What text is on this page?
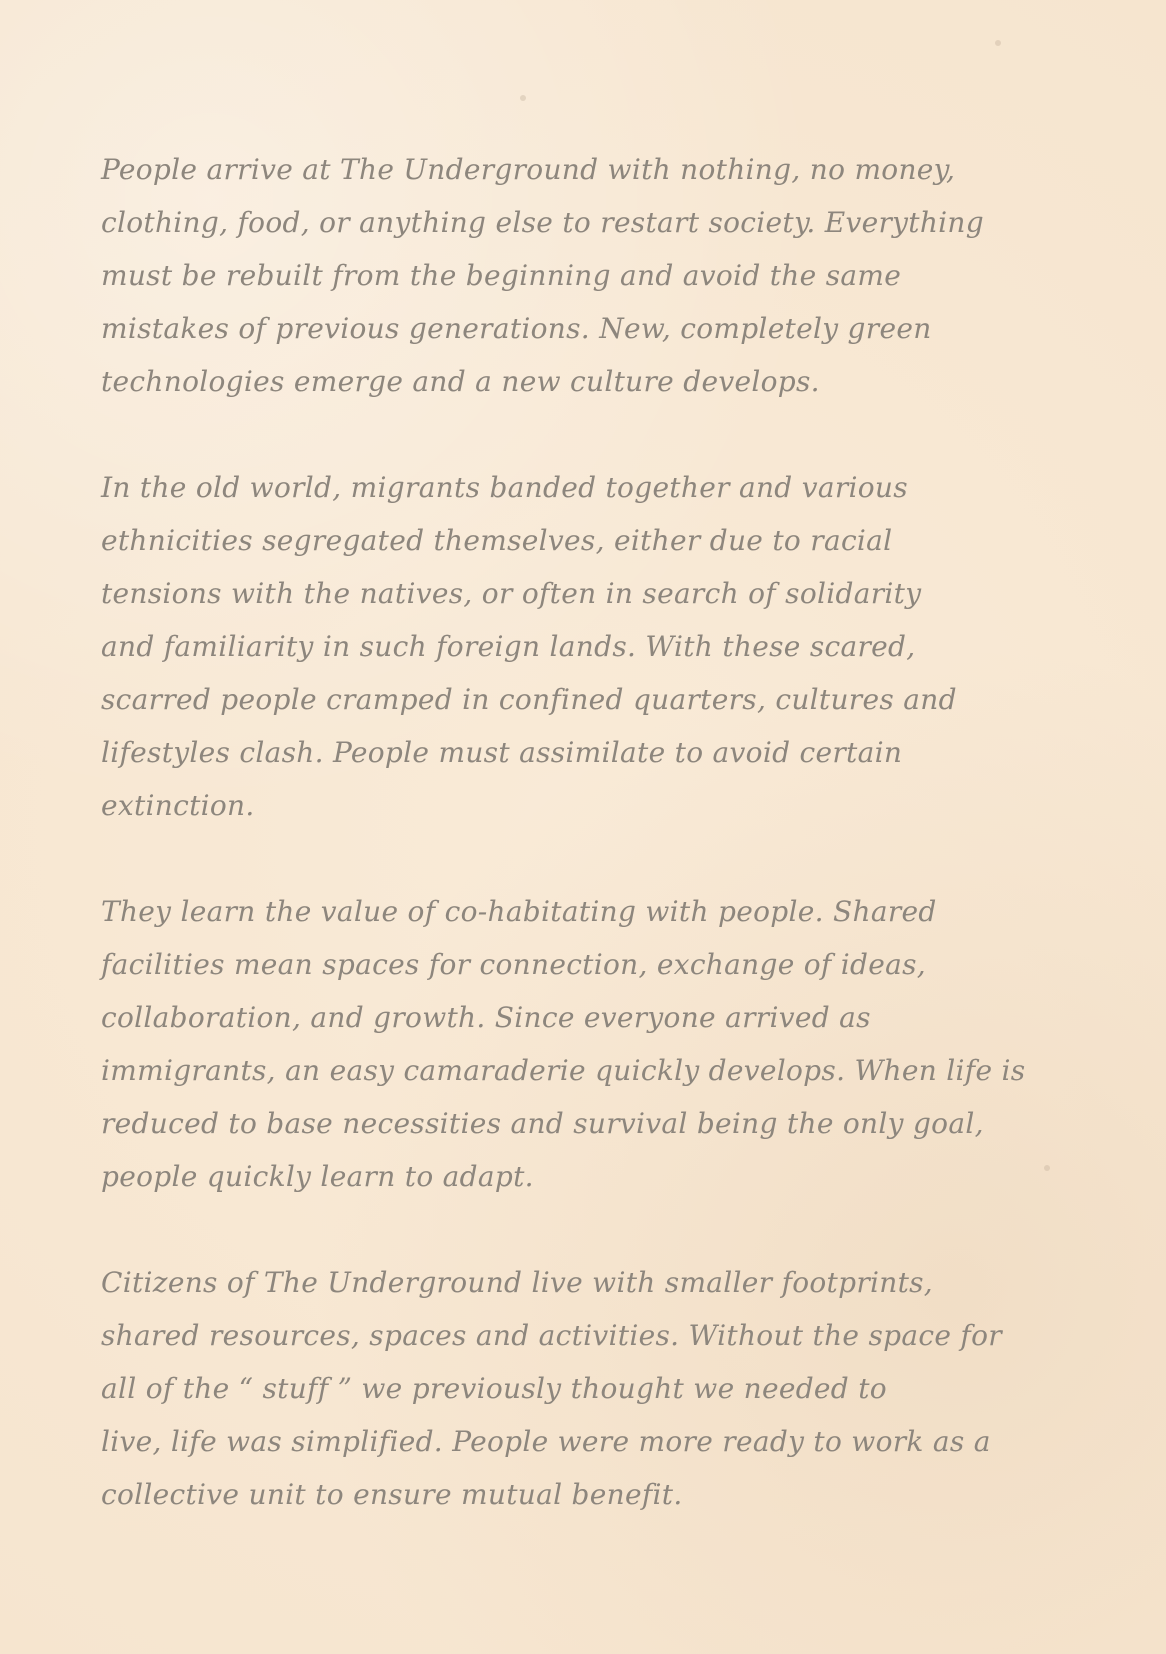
People arrive at The Underground with nothing, no money,
clothing, food, or anything else to restart society. Everything
must be rebuilt from the beginning and avoid the same
mistakes of previous generations. New, completely green
technologies emerge and a new culture develops.

In the old world, migrants banded together and various
ethnicities segregated themselves, either due to racial
tensions with the natives, or often in search of solidarity
and familiarity in such foreign lands. With these scared,
scarred people cramped in confined quarters, cultures and
lifestyles clash. People must assimilate to avoid certain
extinction.

They learn the value of co-habitating with people. Shared
facilities mean spaces for connection, exchange of ideas,
collaboration, and growth. Since everyone arrived as
immigrants, an easy camaraderie quickly develops. When life is
reduced to base necessities and survival being the only goal,
people quickly learn to adapt.

Citizens of The Underground live with smaller footprints,
shared resources, spaces and activities. Without the space for
all of the “ stuff ” we previously thought we needed to
live, life was simplified. People were more ready to work as a
collective unit to ensure mutual benefit.
